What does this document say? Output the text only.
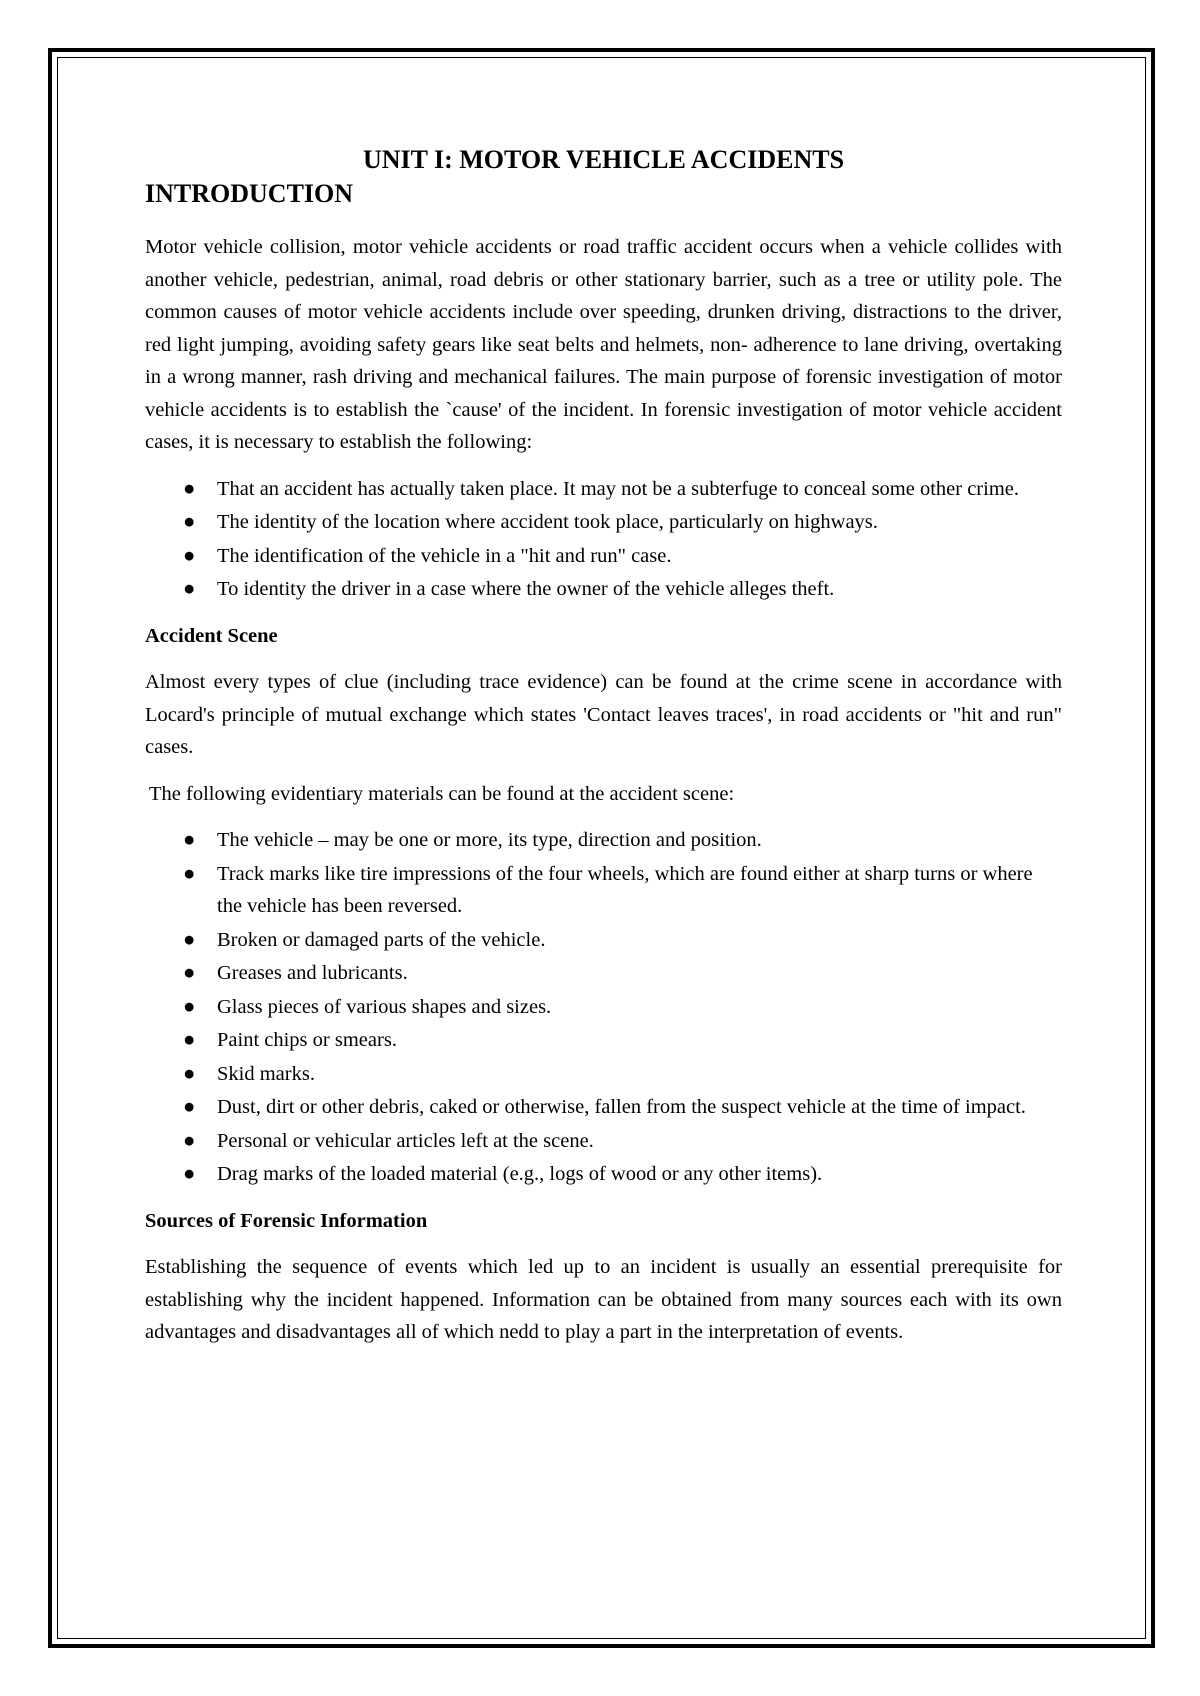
UNIT I: MOTOR VEHICLE ACCIDENTS
INTRODUCTION

Motor vehicle collision, motor vehicle accidents or road traffic accident occurs when a vehicle collides with another vehicle, pedestrian, animal, road debris or other stationary barrier, such as a tree or utility pole. The common causes of motor vehicle accidents include over speeding, drunken driving, distractions to the driver, red light jumping, avoiding safety gears like seat belts and helmets, non- adherence to lane driving, overtaking in a wrong manner, rash driving and mechanical failures. The main purpose of forensic investigation of motor vehicle accidents is to establish the `cause' of the incident. In forensic investigation of motor vehicle accident cases, it is necessary to establish the following:

● That an accident has actually taken place. It may not be a subterfuge to conceal some other crime.
● The identity of the location where accident took place, particularly on highways.
● The identification of the vehicle in a "hit and run" case.
● To identity the driver in a case where the owner of the vehicle alleges theft.
Accident Scene

Almost every types of clue (including trace evidence) can be found at the crime scene in accordance with Locard's principle of mutual exchange which states 'Contact leaves traces', in road accidents or "hit and run" cases.

The following evidentiary materials can be found at the accident scene:

● The vehicle – may be one or more, its type, direction and position.
● Track marks like tire impressions of the four wheels, which are found either at sharp turns or where the vehicle has been reversed.
● Broken or damaged parts of the vehicle.
● Greases and lubricants.
● Glass pieces of various shapes and sizes.
● Paint chips or smears.
● Skid marks.
● Dust, dirt or other debris, caked or otherwise, fallen from the suspect vehicle at the time of impact.
● Personal or vehicular articles left at the scene.
● Drag marks of the loaded material (e.g., logs of wood or any other items).
Sources of Forensic Information

Establishing the sequence of events which led up to an incident is usually an essential prerequisite for establishing why the incident happened. Information can be obtained from many sources each with its own advantages and disadvantages all of which nedd to play a part in the interpretation of events.
